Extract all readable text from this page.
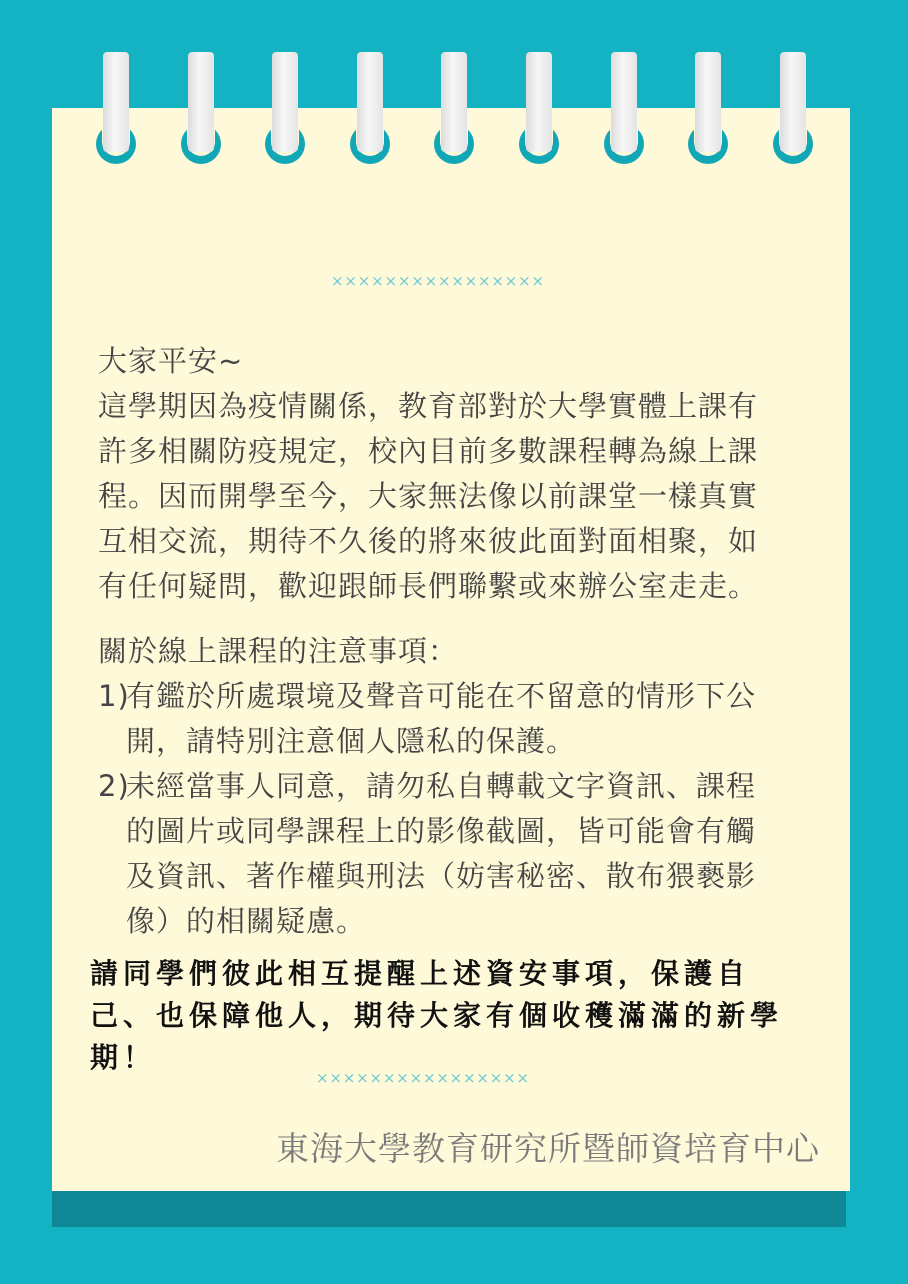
××××××××××××××××
大家平安~
這學期因為疫情關係，教育部對於大學實體上課有
許多相關防疫規定，校內目前多數課程轉為線上課
程。因而開學至今，大家無法像以前課堂一樣真實
互相交流，期待不久後的將來彼此面對面相聚，如
有任何疑問，歡迎跟師長們聯繫或來辦公室走走。
關於線上課程的注意事項：
1)
有鑑於所處環境及聲音可能在不留意的情形下公
開，請特別注意個人隱私的保護。
2)
未經當事人同意，請勿私自轉載文字資訊、課程
的圖片或同學課程上的影像截圖，皆可能會有觸
及資訊、著作權與刑法（妨害秘密、散布猥褻影
像）的相關疑慮。
請同學們彼此相互提醒上述資安事項，保護自
己、也保障他人，期待大家有個收穫滿滿的新學
期！
××××××××××××××××
東海大學教育研究所暨師資培育中心
